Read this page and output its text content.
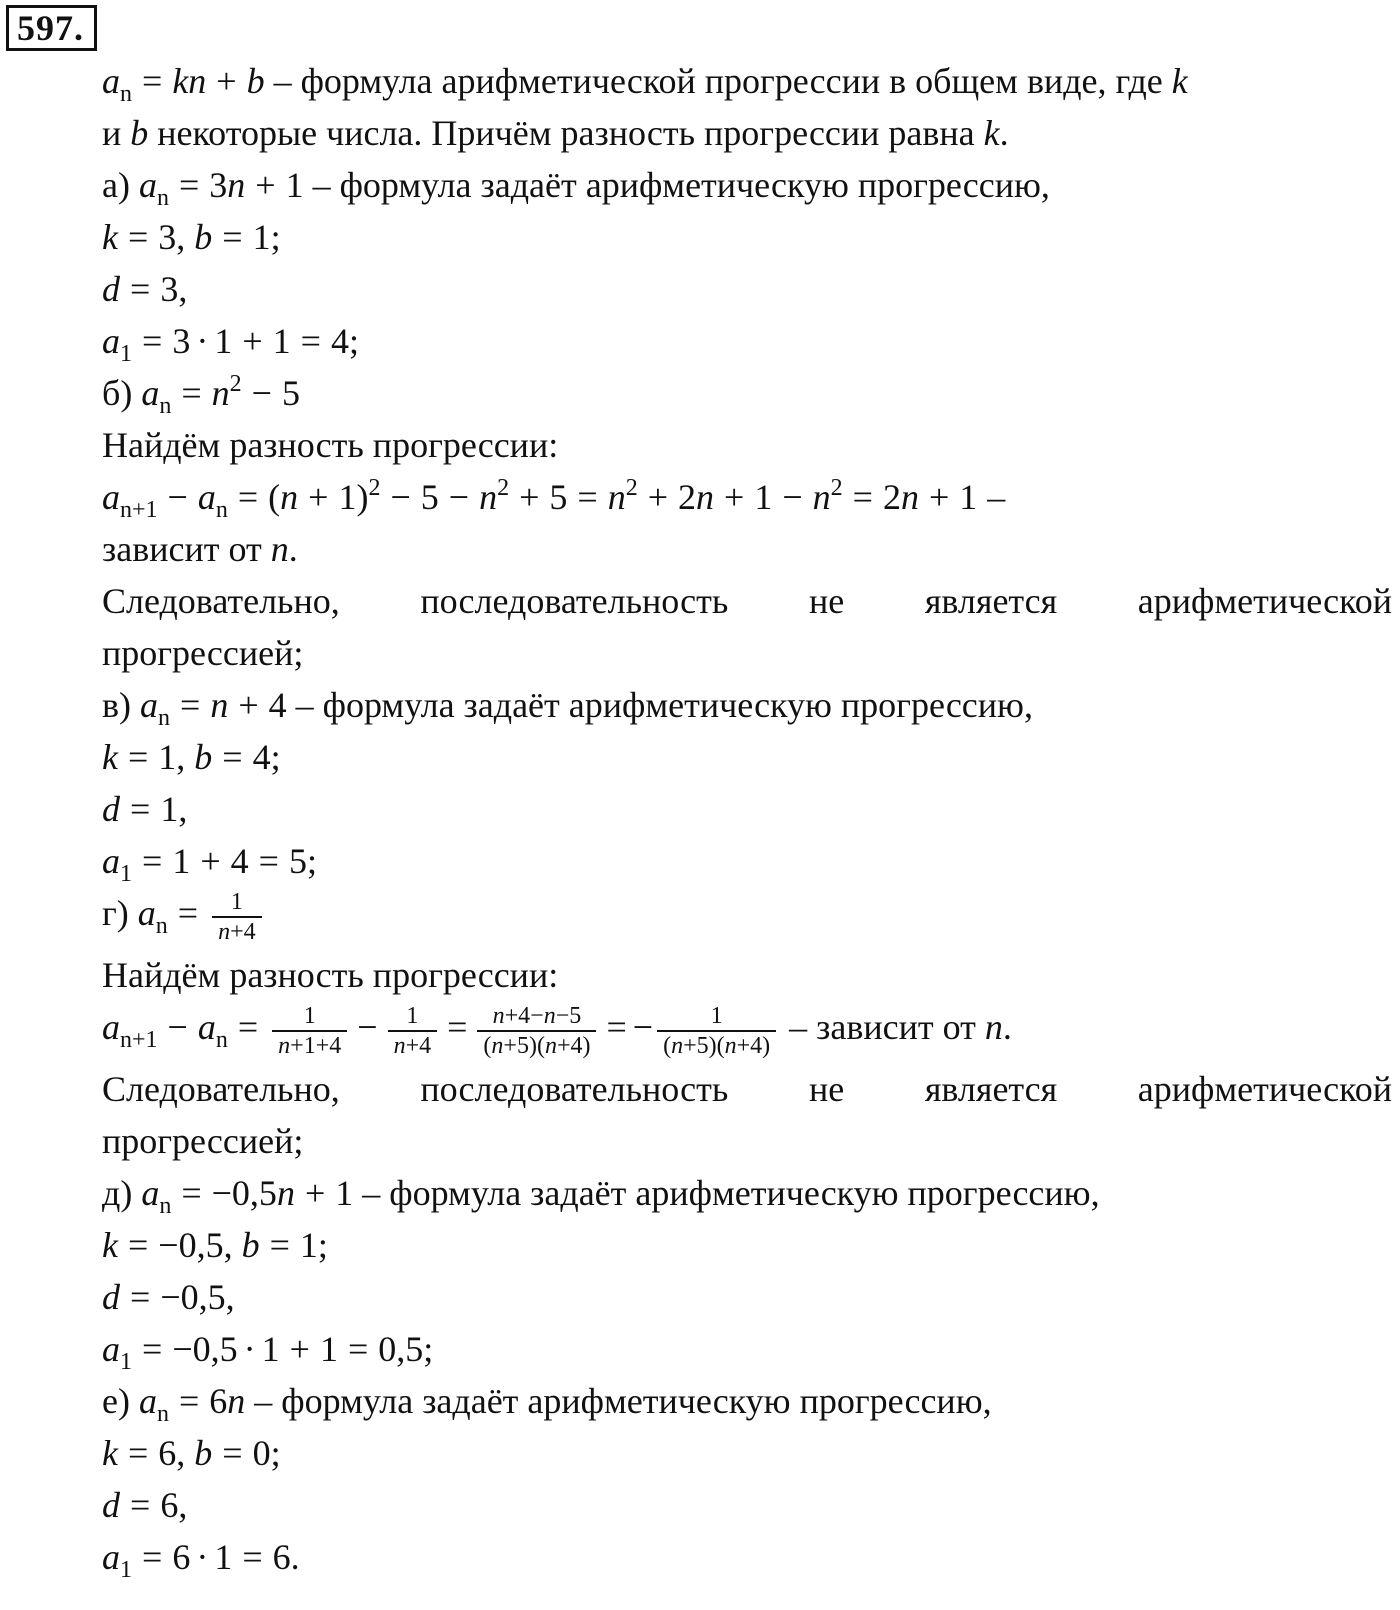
597.
$a_n$ = kn + b – формула арифметической прогрессии в общем виде, где k
и b некоторые числа. Причём разность прогрессии равна k.
а) $a_n = 3n + 1$ – формула задаёт арифметическую прогрессию,
k = 3, b = 1;
d = 3,
$a_1 = 3 \cdot 1 + 1 = 4$;
б) $a_n = n^2 - 5$
Найдём разность прогрессии:
$a_{n+1} - a_n = (n + 1)^2 - 5 - n^2 + 5 = n^2 + 2n + 1 - n^2 = 2n + 1$ –
зависит от n.
Следовательно, последовательность не является арифметической
прогрессией;
в) $a_n = n + 4$ – формула задаёт арифметическую прогрессию,
k = 1, b = 4;
d = 1,
$a_1 = 1 + 4 = 5$;
г) $a_n = \frac{1}{n+4}$
Найдём разность прогрессии:
$a_{n+1} - a_n = \frac{1}{n+1+4} - \frac{1}{n+4} = \frac{n+4-n-5}{(n+5)(n+4)}$ = − $\frac{1}{(n+5)(n+4)}$ – зависит от n.
Следовательно, последовательность не является арифметической
прогрессией;
д) $a_n = -0,5n + 1$ – формула задаёт арифметическую прогрессию,
k = −0,5, b = 1;
d = −0,5,
$a_1 = -0,5 \cdot 1 + 1 = 0,5$;
е) $a_n = 6n$ – формула задаёт арифметическую прогрессию,
k = 6, b = 0;
d = 6,
$a_1 = 6 \cdot 1 = 6$.
